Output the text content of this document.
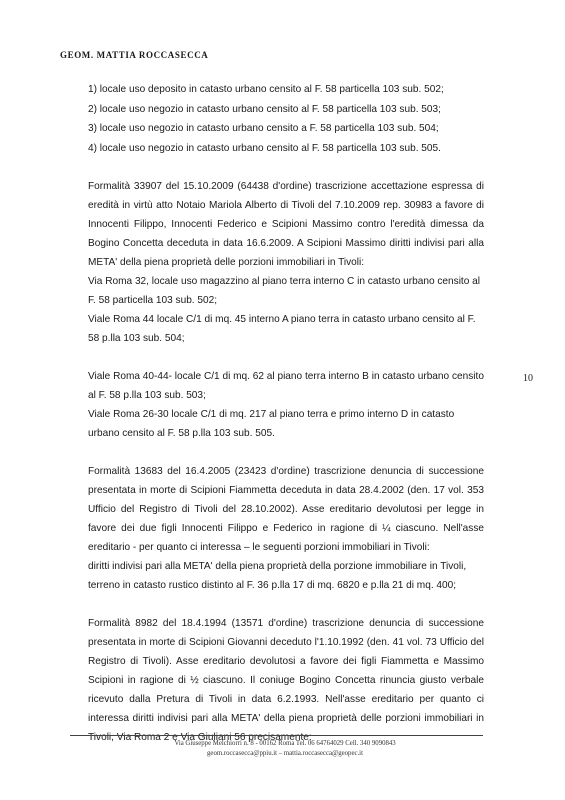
GEOM. MATTIA ROCCASECCA
10

1) locale uso deposito in catasto urbano censito al F. 58 particella 103 sub. 502;

2) locale uso negozio in catasto urbano censito al F. 58 particella 103 sub. 503;

3) locale uso negozio in catasto urbano censito a F. 58 particella 103 sub. 504;

4) locale uso negozio in catasto urbano censito al F. 58 particella 103 sub. 505.

Formalità 33907 del 15.10.2009 (64438 d'ordine) trascrizione accettazione espressa di eredità in virtù atto Notaio Mariola Alberto di Tivoli del 7.10.2009 rep. 30983 a favore di Innocenti Filippo, Innocenti Federico e Scipioni Massimo contro l'eredità dimessa da Bogino Concetta deceduta in data 16.6.2009. A Scipioni Massimo diritti indivisi pari alla META' della piena proprietà delle porzioni immobiliari in Tivoli:

Via Roma 32, locale uso magazzino al piano terra interno C in catasto urbano censito al F. 58 particella 103 sub. 502;

Viale Roma 44 locale C/1 di mq. 45 interno A piano terra in catasto urbano censito al F. 58 p.lla 103 sub. 504;

Viale Roma 40-44- locale C/1 di mq. 62 al piano terra interno B in catasto urbano censito al F. 58 p.lla 103 sub. 503;

Viale Roma 26-30 locale C/1 di mq. 217 al piano terra e primo interno D in catasto urbano censito al F. 58 p.lla 103 sub. 505.

Formalità 13683 del 16.4.2005 (23423 d'ordine) trascrizione denuncia di successione presentata in morte di Scipioni Fiammetta deceduta in data 28.4.2002 (den. 17 vol. 353 Ufficio del Registro di Tivoli del 28.10.2002). Asse ereditario devolutosi per legge in favore dei due figli Innocenti Filippo e Federico in ragione di ¼ ciascuno. Nell'asse ereditario - per quanto ci interessa – le seguenti porzioni immobiliari in Tivoli:

diritti indivisi pari alla META' della piena proprietà della porzione immobiliare in Tivoli,

terreno in catasto rustico distinto al F. 36 p.lla 17 di mq. 6820 e p.lla 21 di mq. 400;

Formalità 8982 del 18.4.1994 (13571 d'ordine) trascrizione denuncia di successione presentata in morte di Scipioni Giovanni deceduto l'1.10.1992 (den. 41 vol. 73 Ufficio del Registro di Tivoli). Asse ereditario devolutosi a favore dei figli Fiammetta e Massimo Scipioni in ragione di ½ ciascuno. Il coniuge Bogino Concetta rinuncia giusto verbale ricevuto dalla Pretura di Tivoli in data 6.2.1993. Nell'asse ereditario per quanto ci interessa diritti indivisi pari alla META' della piena proprietà delle porzioni immobiliari in Tivoli, Via Roma 2 e Via Giuliani 56 precisamente:

Via Giuseppe Melchiorri n. 8 - 00162 Roma Tel. 06 64764029 Cell. 340 9090843
geom.roccasecca@ppiu.it – mattia.roccasecca@geopec.it
